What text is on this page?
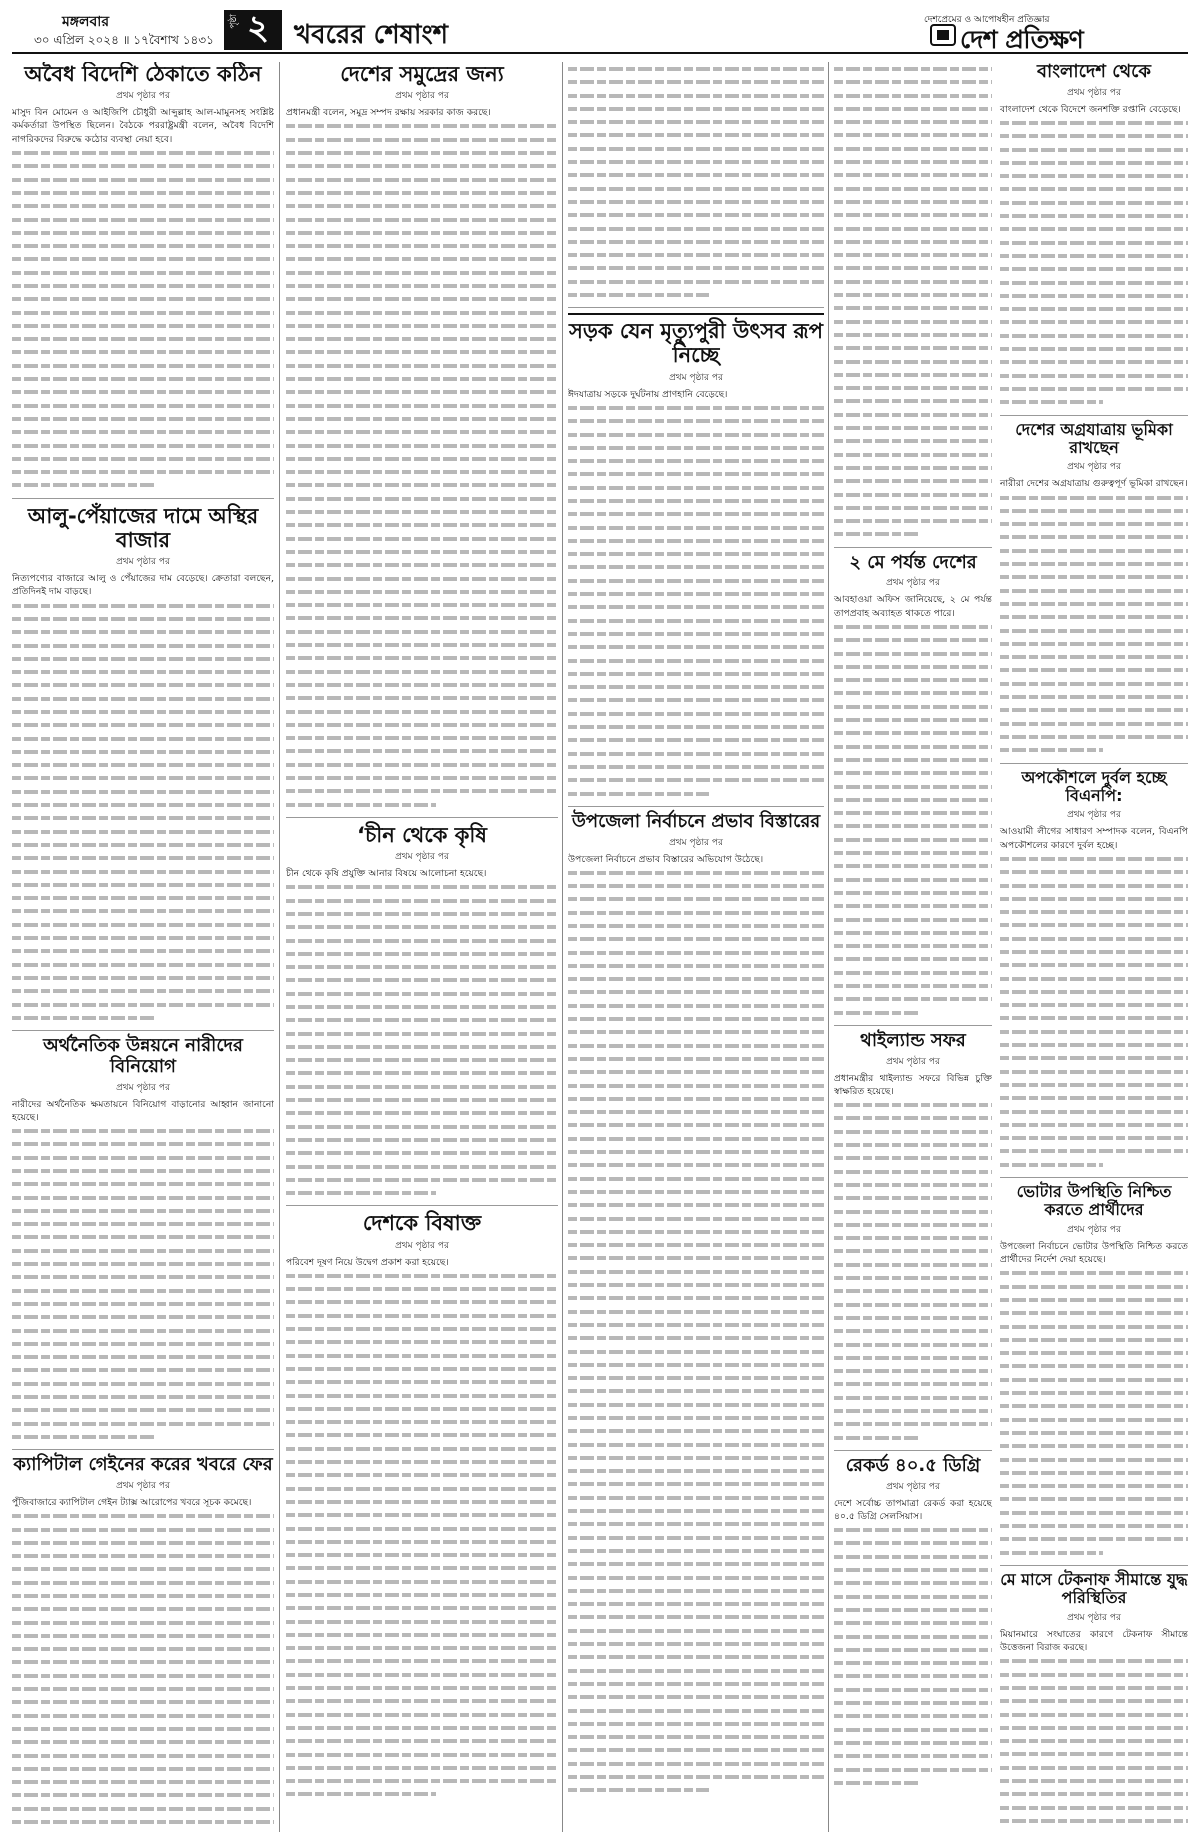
মঙ্গলবার
৩০ এপ্রিল ২০২৪ ॥ ১৭বৈশাখ ১৪৩১
পৃষ্ঠা ২ খবরের শেষাংশ	দেশপ্রেমের ও আপোষহীন প্রতিজ্ঞার
দেশ প্রতিক্ষণ
অবৈধ বিদেশি ঠেকাতে কঠিন
প্রথম পৃষ্ঠার পর
মাসুদ বিন মোমেন ও আইজিপি চৌধুরী আব্দুল্লাহ আল-মামুনসহ সংশ্লিষ্ট কর্মকর্তারা উপস্থিত ছিলেন। বৈঠকে পররাষ্ট্রমন্ত্রী বলেন, অবৈধ বিদেশি নাগরিকদের বিরুদ্ধে কঠোর ব্যবস্থা নেয়া হবে।
আলু-পেঁয়াজের দামে অস্থির বাজার
প্রথম পৃষ্ঠার পর
নিত্যপণ্যের বাজারে আলু ও পেঁয়াজের দাম বেড়েছে। ক্রেতারা বলছেন, প্রতিদিনই দাম বাড়ছে।
অর্থনৈতিক উন্নয়নে নারীদের বিনিয়োগ
প্রথম পৃষ্ঠার পর
নারীদের অর্থনৈতিক ক্ষমতায়নে বিনিয়োগ বাড়ানোর আহ্বান জানানো হয়েছে।
ক্যাপিটাল গেইনের করের খবরে ফের
প্রথম পৃষ্ঠার পর
পুঁজিবাজারে ক্যাপিটাল গেইন ট্যাক্স আরোপের খবরে সূচক কমেছে।
দেশের সমুদ্রের জন্য
প্রথম পৃষ্ঠার পর
প্রধানমন্ত্রী বলেন, সমুদ্র সম্পদ রক্ষায় সরকার কাজ করছে।
‘চীন থেকে কৃষি
প্রথম পৃষ্ঠার পর
চীন থেকে কৃষি প্রযুক্তি আনার বিষয়ে আলোচনা হয়েছে।
দেশকে বিষাক্ত
প্রথম পৃষ্ঠার পর
পরিবেশ দূষণ নিয়ে উদ্বেগ প্রকাশ করা হয়েছে।
সড়ক যেন মৃত্যুপুরী উৎসব রূপ নিচ্ছে
প্রথম পৃষ্ঠার পর
ঈদযাত্রায় সড়কে দুর্ঘটনায় প্রাণহানি বেড়েছে।
উপজেলা নির্বাচনে প্রভাব বিস্তারের
প্রথম পৃষ্ঠার পর
উপজেলা নির্বাচনে প্রভাব বিস্তারের অভিযোগ উঠেছে।
২ মে পর্যন্ত দেশের
প্রথম পৃষ্ঠার পর
আবহাওয়া অফিস জানিয়েছে, ২ মে পর্যন্ত তাপপ্রবাহ অব্যাহত থাকতে পারে।
থাইল্যান্ড সফর
প্রথম পৃষ্ঠার পর
প্রধানমন্ত্রীর থাইল্যান্ড সফরে বিভিন্ন চুক্তি স্বাক্ষরিত হয়েছে।
রেকর্ড ৪০.৫ ডিগ্রি
প্রথম পৃষ্ঠার পর
দেশে সর্বোচ্চ তাপমাত্রা রেকর্ড করা হয়েছে ৪০.৫ ডিগ্রি সেলসিয়াস।
বাংলাদেশ থেকে
প্রথম পৃষ্ঠার পর
বাংলাদেশ থেকে বিদেশে জনশক্তি রপ্তানি বেড়েছে।
দেশের অগ্রযাত্রায় ভূমিকা রাখছেন
প্রথম পৃষ্ঠার পর
নারীরা দেশের অগ্রযাত্রায় গুরুত্বপূর্ণ ভূমিকা রাখছেন।
অপকৌশলে দুর্বল হচ্ছে বিএনপি:
প্রথম পৃষ্ঠার পর
আওয়ামী লীগের সাধারণ সম্পাদক বলেন, বিএনপি অপকৌশলের কারণে দুর্বল হচ্ছে।
ভোটার উপস্থিতি নিশ্চিত করতে প্রার্থীদের
প্রথম পৃষ্ঠার পর
উপজেলা নির্বাচনে ভোটার উপস্থিতি নিশ্চিত করতে প্রার্থীদের নির্দেশ দেয়া হয়েছে।
মে মাসে টেকনাফ সীমান্তে যুদ্ধ পরিস্থিতির
প্রথম পৃষ্ঠার পর
মিয়ানমারে সংঘাতের কারণে টেকনাফ সীমান্তে উত্তেজনা বিরাজ করছে।
